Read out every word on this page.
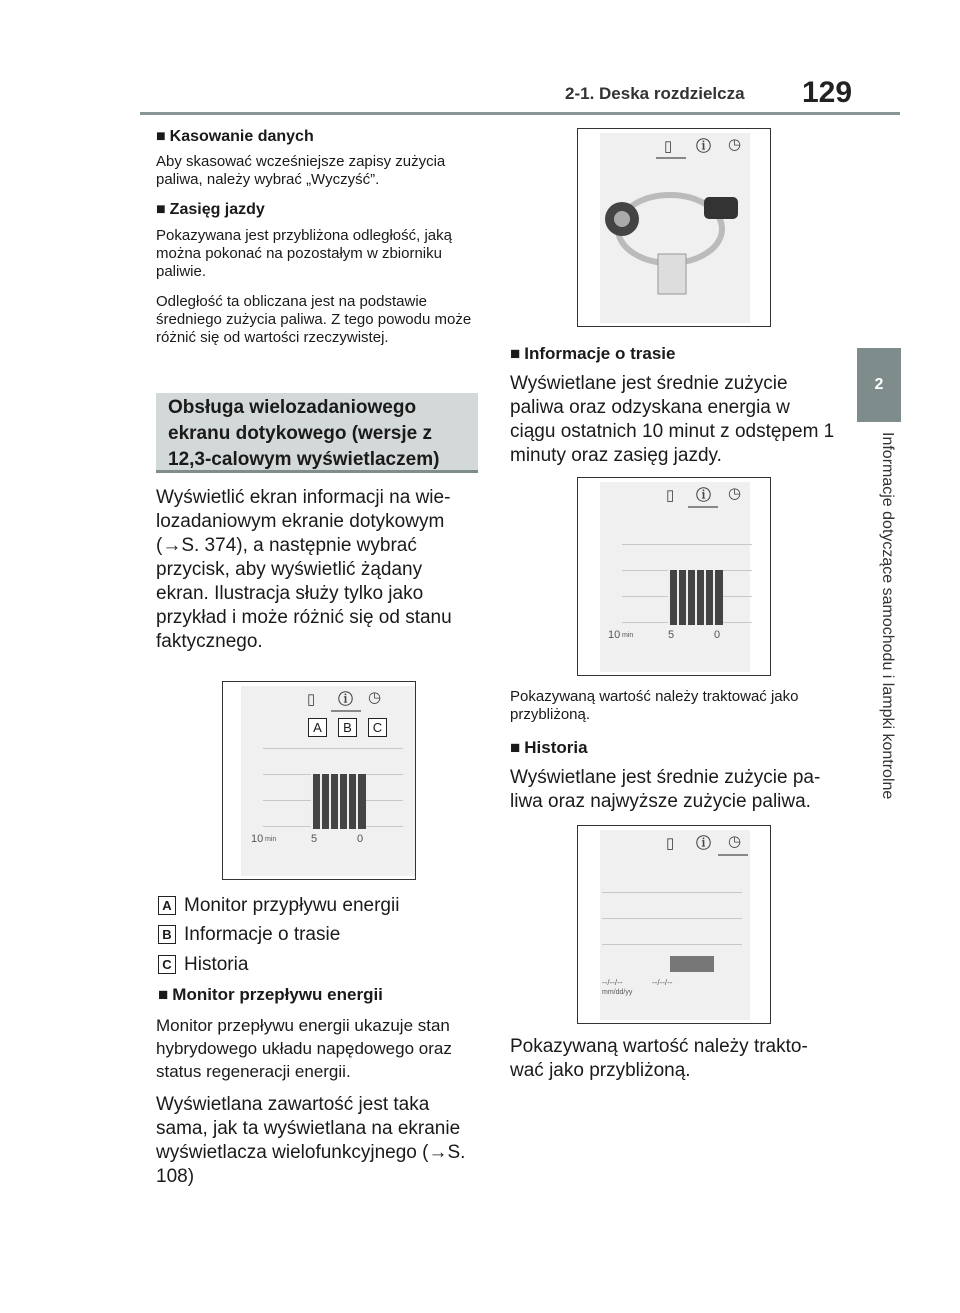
2-1. Deska rozdzielcza 129
2
Informacje dotyczące samochodu i lampki kontrolne
■ Kasowanie danych
Aby skasować wcześniejsze zapisy zużycia paliwa, należy wybrać „Wyczyść”.
■ Zasięg jazdy
Pokazywana jest przybliżona odległość, jaką można pokonać na pozostałym w zbiorniku paliwie.
Odległość ta obliczana jest na podstawie średniego zużycia paliwa. Z tego powodu może różnić się od wartości rzeczywistej.
Obsługa wielozadaniowego ekranu dotykowego (wersje z 12,3-calowym wyświetlaczem)
Wyświetlić ekran informacji na wielozadaniowym ekranie dotykowym (→S. 374), a następnie wybrać przycisk, aby wyświetlić żądany ekran. Ilustracja służy tylko jako przykład i może różnić się od stanu faktycznego.
▯ ⓘ ◷
A	B	C
10 min	5	0
A Monitor przypływu energii
B Informacje o trasie
C Historia
■ Monitor przepływu energii
Monitor przepływu energii ukazuje stan hybrydowego układu napędowego oraz status regeneracji energii.
Wyświetlana zawartość jest taka sama, jak ta wyświetlana na ekranie wyświetlacza wielofunkcyjnego (→S. 108)
▯ ⓘ ◷
■ Informacje o trasie
Wyświetlane jest średnie zużycie paliwa oraz odzyskana energia w ciągu ostatnich 10 minut z odstępem 1 minuty oraz zasięg jazdy.
▯ ⓘ ◷
10 min	5	0
Pokazywaną wartość należy traktować jako przybliżoną.
■ Historia
Wyświetlane jest średnie zużycie paliwa oraz najwyższe zużycie paliwa.
▯ ⓘ ◷
--/--/--	--/--/--
mm/dd/yy
Pokazywaną wartość należy traktować jako przybliżoną.
